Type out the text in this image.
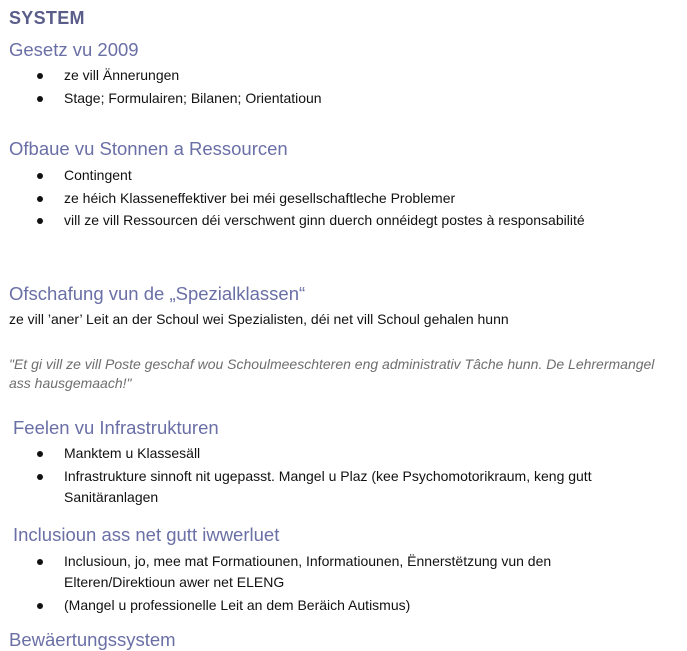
SYSTEM
Gesetz vu 2009
ze vill Ännerungen
Stage; Formulairen; Bilanen; Orientatioun
Ofbaue vu Stonnen a Ressourcen
Contingent
ze héich Klasseneffektiver bei méi gesellschaftleche Problemer
vill ze vill Ressourcen déi verschwent ginn duerch onnéidegt postes à responsabilité
Ofschafung vun de „Spezialklassen“
ze vill ’aner’ Leit an der Schoul wei Spezialisten, déi net vill Schoul gehalen hunn
"Et gi vill ze vill Poste geschaf wou Schoulmeeschteren eng administrativ Tâche hunn. De Lehrermangel ass hausgemaach!"
Feelen vu Infrastrukturen
Manktem u Klassesäll
Infrastrukture sinnoft nit ugepasst. Mangel u Plaz (kee Psychomotorikraum, keng gutt Sanitäranlagen
Inclusioun ass net gutt iwwerluet
Inclusioun, jo, mee mat Formatiounen, Informatiounen, Ënnerstëtzung vun den Elteren/Direktioun awer net ELENG
(Mangel u professionelle Leit an dem Beräich Autismus)
Bewäertungssystem
